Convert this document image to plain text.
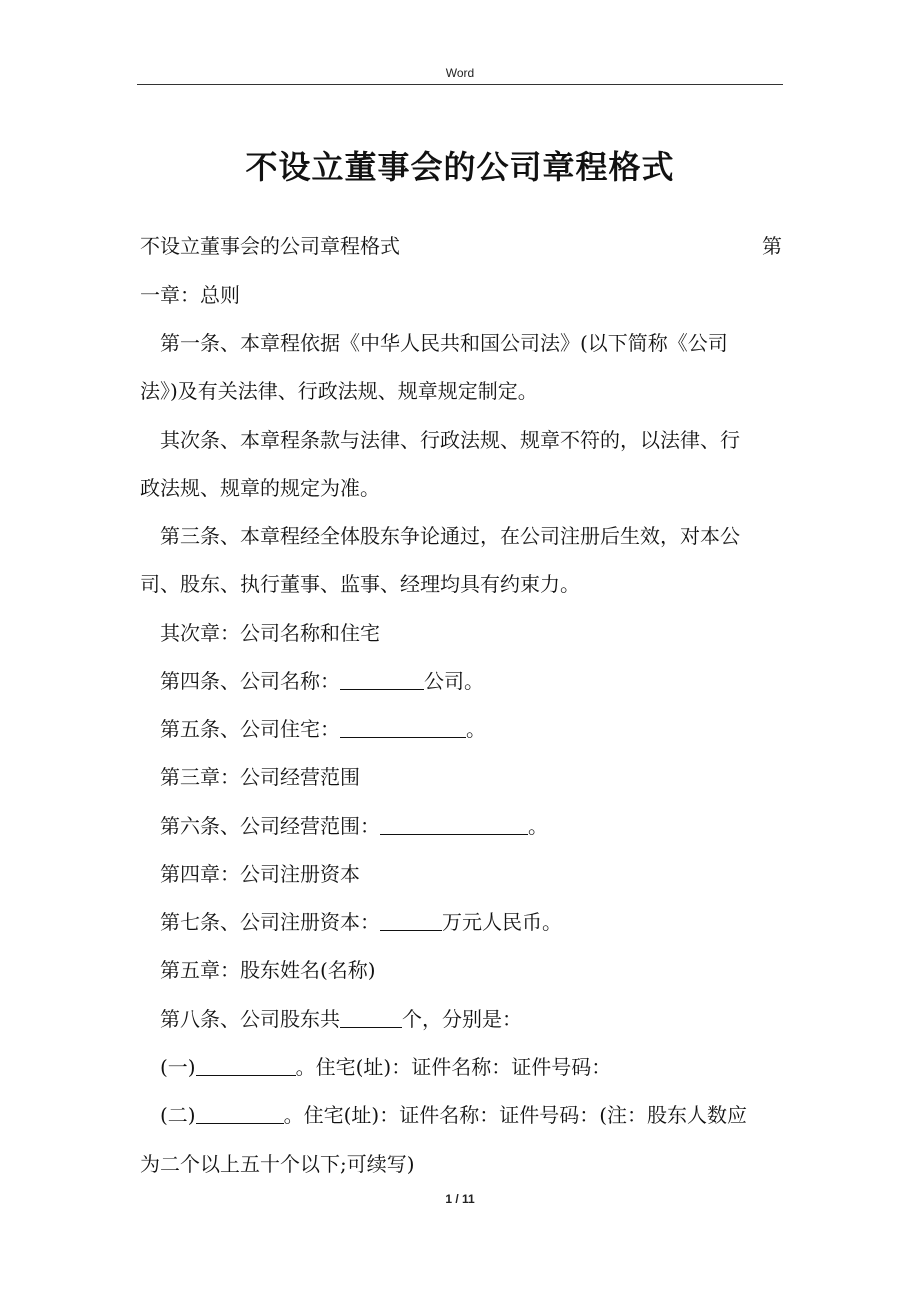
Word
不设立董事会的公司章程格式
不设立董事会的公司章程格式	第
一章：总则
第一条、本章程依据《中华人民共和国公司法》(以下简称《公司
法》)及有关法律、行政法规、规章规定制定。
其次条、本章程条款与法律、行政法规、规章不符的，以法律、行
政法规、规章的规定为准。
第三条、本章程经全体股东争论通过，在公司注册后生效，对本公
司、股东、执行董事、监事、经理均具有约束力。
其次章：公司名称和住宅
第四条、公司名称：	公司。
第五条、公司住宅：	。
第三章：公司经营范围
第六条、公司经营范围：	。
第四章：公司注册资本
第七条、公司注册资本：	万元人民币。
第五章：股东姓名(名称)
第八条、公司股东共	个，分别是：
(一)	。住宅(址)：证件名称：证件号码：
(二)	。住宅(址)：证件名称：证件号码：(注：股东人数应
为二个以上五十个以下;可续写)
1 / 11
